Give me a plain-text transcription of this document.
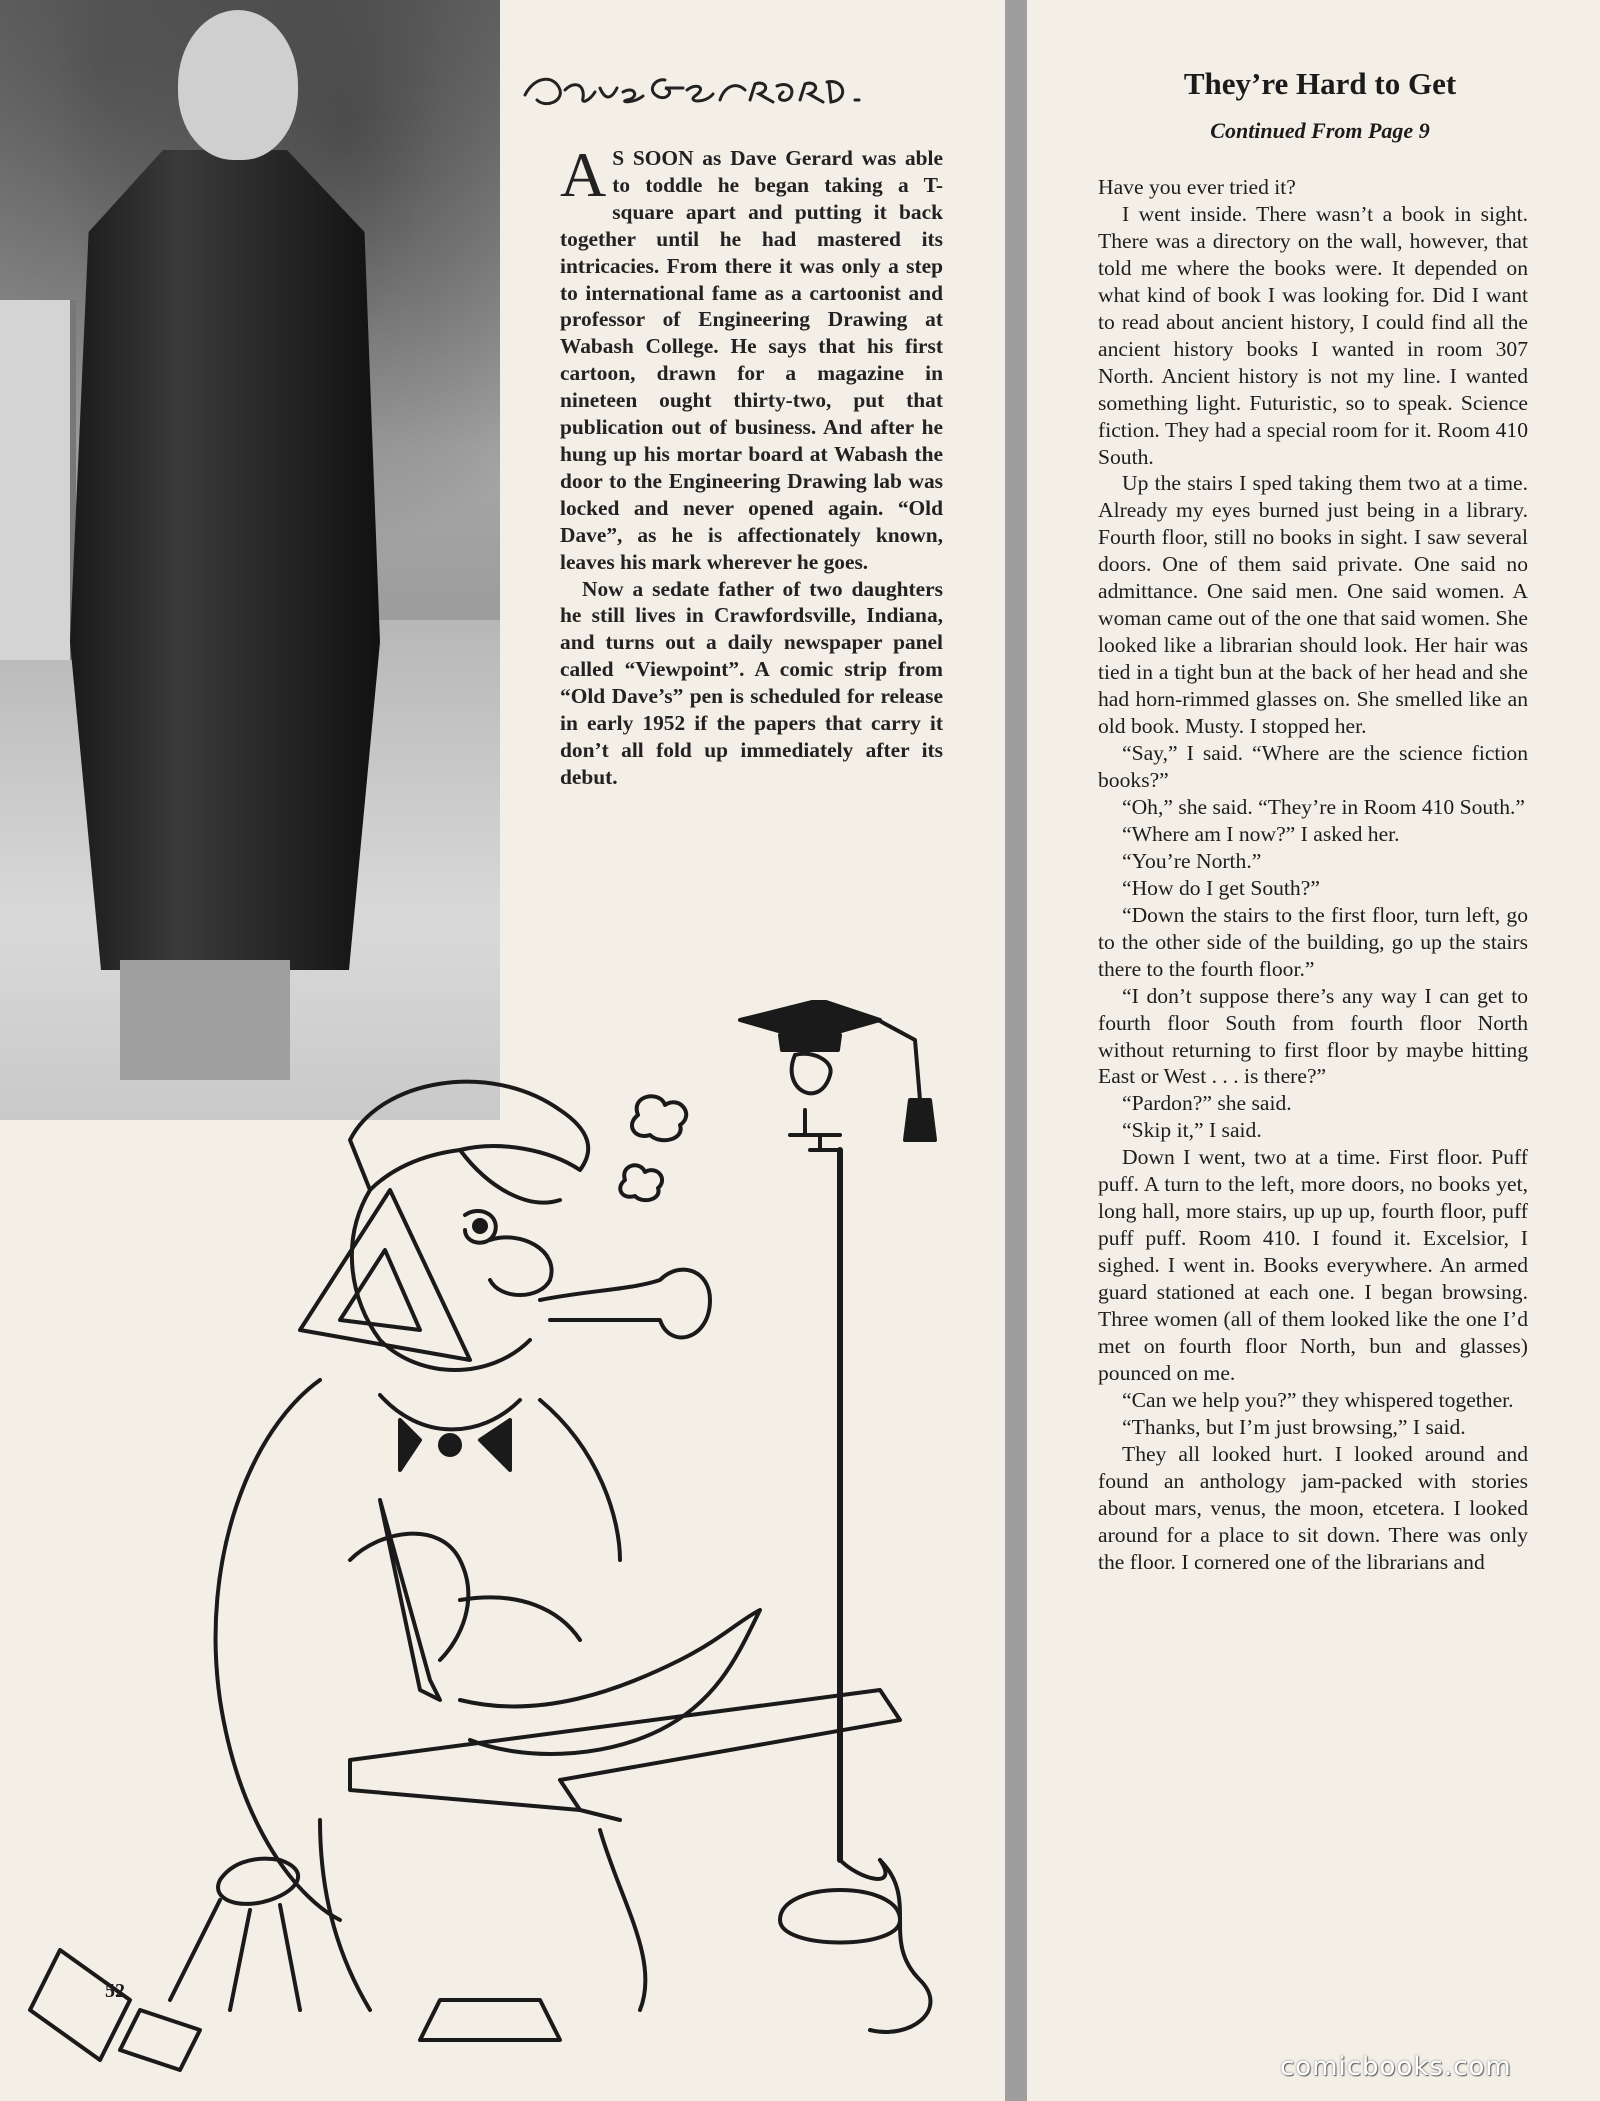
A S SOON as Dave Gerard was able to toddle he began taking a T-square apart and putting it back together until he had mastered its intricacies. From there it was only a step to international fame as a cartoonist and professor of Engineering Drawing at Wabash College. He says that his first cartoon, drawn for a magazine in nineteen ought thirty-two, put that publication out of business. And after he hung up his mortar board at Wabash the door to the Engineering Drawing lab was locked and never opened again. “Old Dave”, as he is affectionately known, leaves his mark wherever he goes.

Now a sedate father of two daughters he still lives in Crawfordsville, Indiana, and turns out a daily newspaper panel called “Viewpoint”. A comic strip from “Old Dave’s” pen is scheduled for release in early 1952 if the papers that carry it don’t all fold up immediately after its debut.

They’re Hard to Get
Continued From Page 9

Have you ever tried it?

I went inside. There wasn’t a book in sight. There was a directory on the wall, however, that told me where the books were. It depended on what kind of book I was looking for. Did I want to read about ancient history, I could find all the ancient history books I wanted in room 307 North. Ancient history is not my line. I wanted something light. Futuristic, so to speak. Science fiction. They had a special room for it. Room 410 South.

Up the stairs I sped taking them two at a time. Already my eyes burned just being in a library. Fourth floor, still no books in sight. I saw several doors. One of them said private. One said no admittance. One said men. One said women. A woman came out of the one that said women. She looked like a librarian should look. Her hair was tied in a tight bun at the back of her head and she had horn-rimmed glasses on. She smelled like an old book. Musty. I stopped her.

“Say,” I said. “Where are the science fiction books?”

“Oh,” she said. “They’re in Room 410 South.”

“Where am I now?” I asked her.

“You’re North.”

“How do I get South?”

“Down the stairs to the first floor, turn left, go to the other side of the building, go up the stairs there to the fourth floor.”

“I don’t suppose there’s any way I can get to fourth floor South from fourth floor North without returning to first floor by maybe hitting East or West . . . is there?”

“Pardon?” she said.

“Skip it,” I said.

Down I went, two at a time. First floor. Puff puff. A turn to the left, more doors, no books yet, long hall, more stairs, up up up, fourth floor, puff puff puff. Room 410. I found it. Excelsior, I sighed. I went in. Books everywhere. An armed guard stationed at each one. I began browsing. Three women (all of them looked like the one I’d met on fourth floor North, bun and glasses) pounced on me.

“Can we help you?” they whispered together.

“Thanks, but I’m just browsing,” I said.

They all looked hurt. I looked around and found an anthology jam-packed with stories about mars, venus, the moon, etcetera. I looked around for a place to sit down. There was only the floor. I cornered one of the librarians and

52
comicbooks.com
